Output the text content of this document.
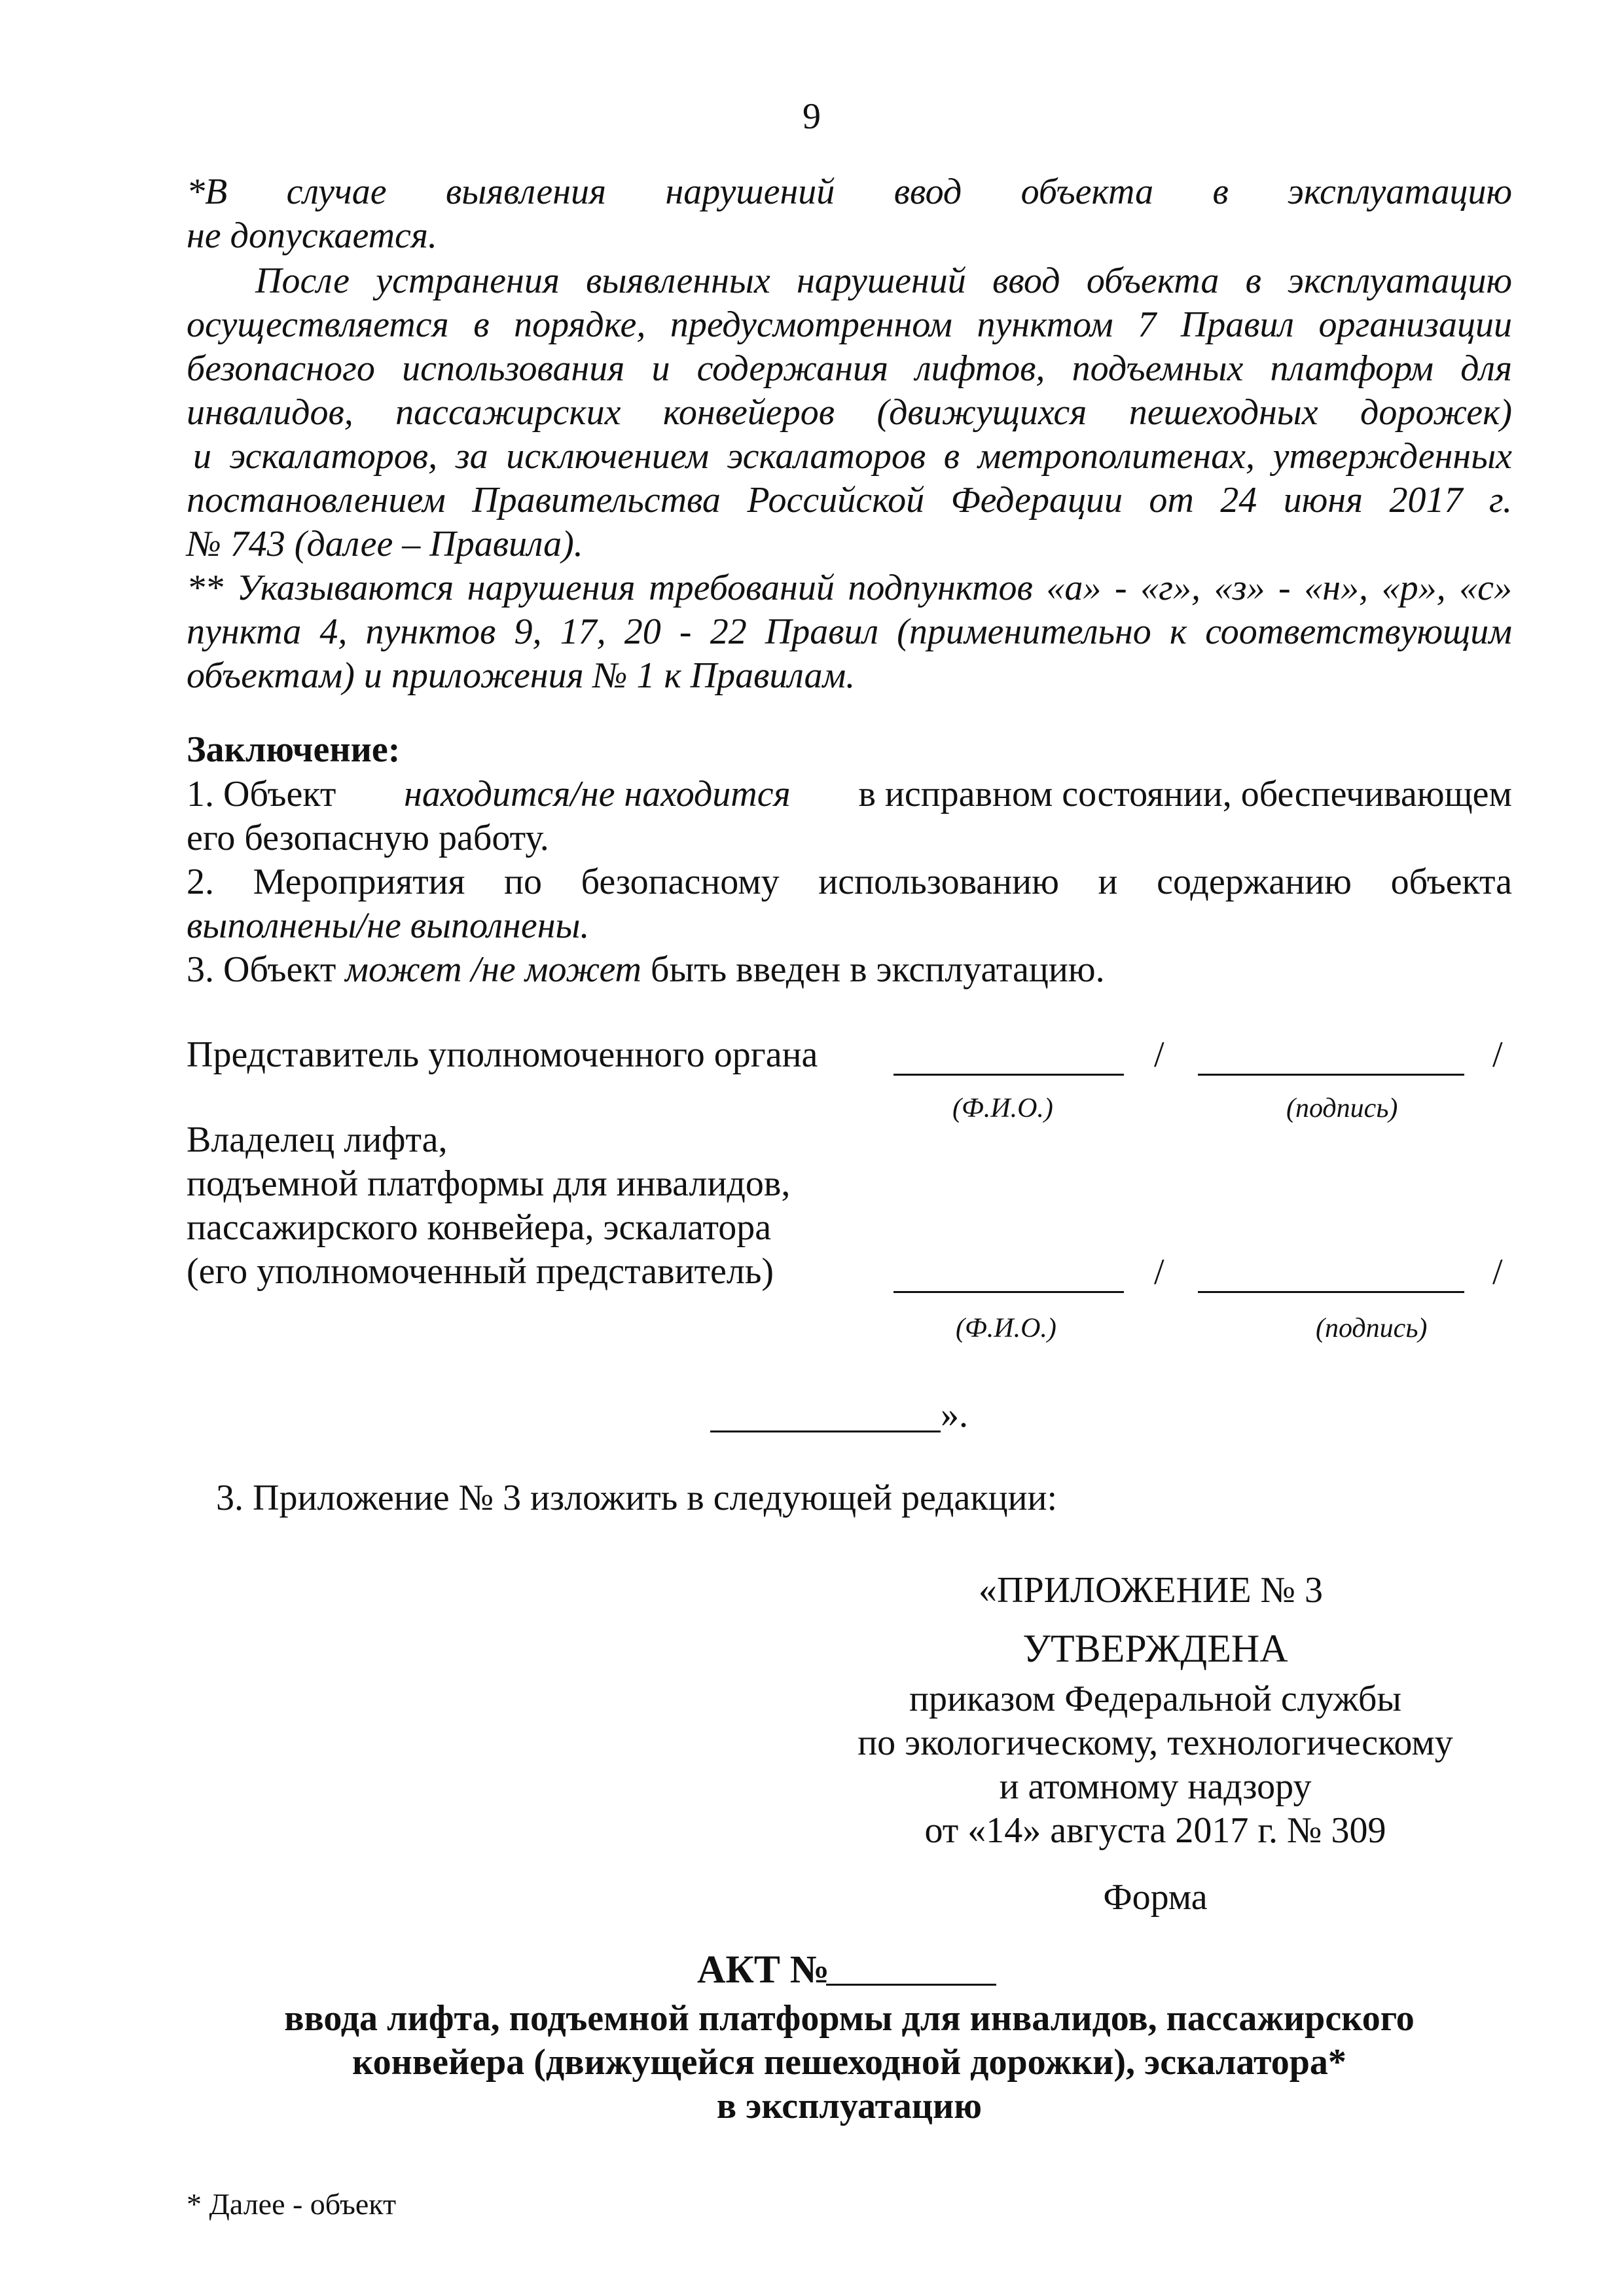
9
*В случае выявления нарушений ввод объекта в эксплуатацию
не допускается.
После устранения выявленных нарушений ввод объекта в эксплуатацию
осуществляется в порядке, предусмотренном пунктом 7 Правил организации
безопасного использования и содержания лифтов, подъемных платформ для
инвалидов, пассажирских конвейеров (движущихся пешеходных дорожек)
и эскалаторов, за исключением эскалаторов в метрополитенах, утвержденных
постановлением Правительства Российской Федерации от 24 июня 2017 г.
№ 743 (далее – Правила).
** Указываются нарушения требований подпунктов «а» - «г», «з» - «н», «р», «с»
пункта 4, пунктов 9, 17, 20 - 22 Правил (применительно к соответствующим
объектам) и приложения № 1 к Правилам.
Заключение:
1. Объект находится/не находится в исправном состоянии, обеспечивающем
его безопасную работу.
2. Мероприятия по безопасному использованию и содержанию объекта
выполнены/не выполнены.
3. Объект может /не может быть введен в эксплуатацию.
Представитель уполномоченного органа	/	/
(Ф.И.О.)	(подпись)
Владелец лифта,
подъемной платформы для инвалидов,
пассажирского конвейера, эскалатора
(его уполномоченный представитель)	/	/
(Ф.И.О.)	(подпись)
».
3. Приложение № 3 изложить в следующей редакции:
«ПРИЛОЖЕНИЕ № 3
УТВЕРЖДЕНА
приказом Федеральной службы
по экологическому, технологическому
и атомному надзору
от «14» августа 2017 г. № 309
Форма
АКТ №
ввода лифта, подъемной платформы для инвалидов, пассажирского
конвейера (движущейся пешеходной дорожки), эскалатора*
в эксплуатацию
* Далее - объект
